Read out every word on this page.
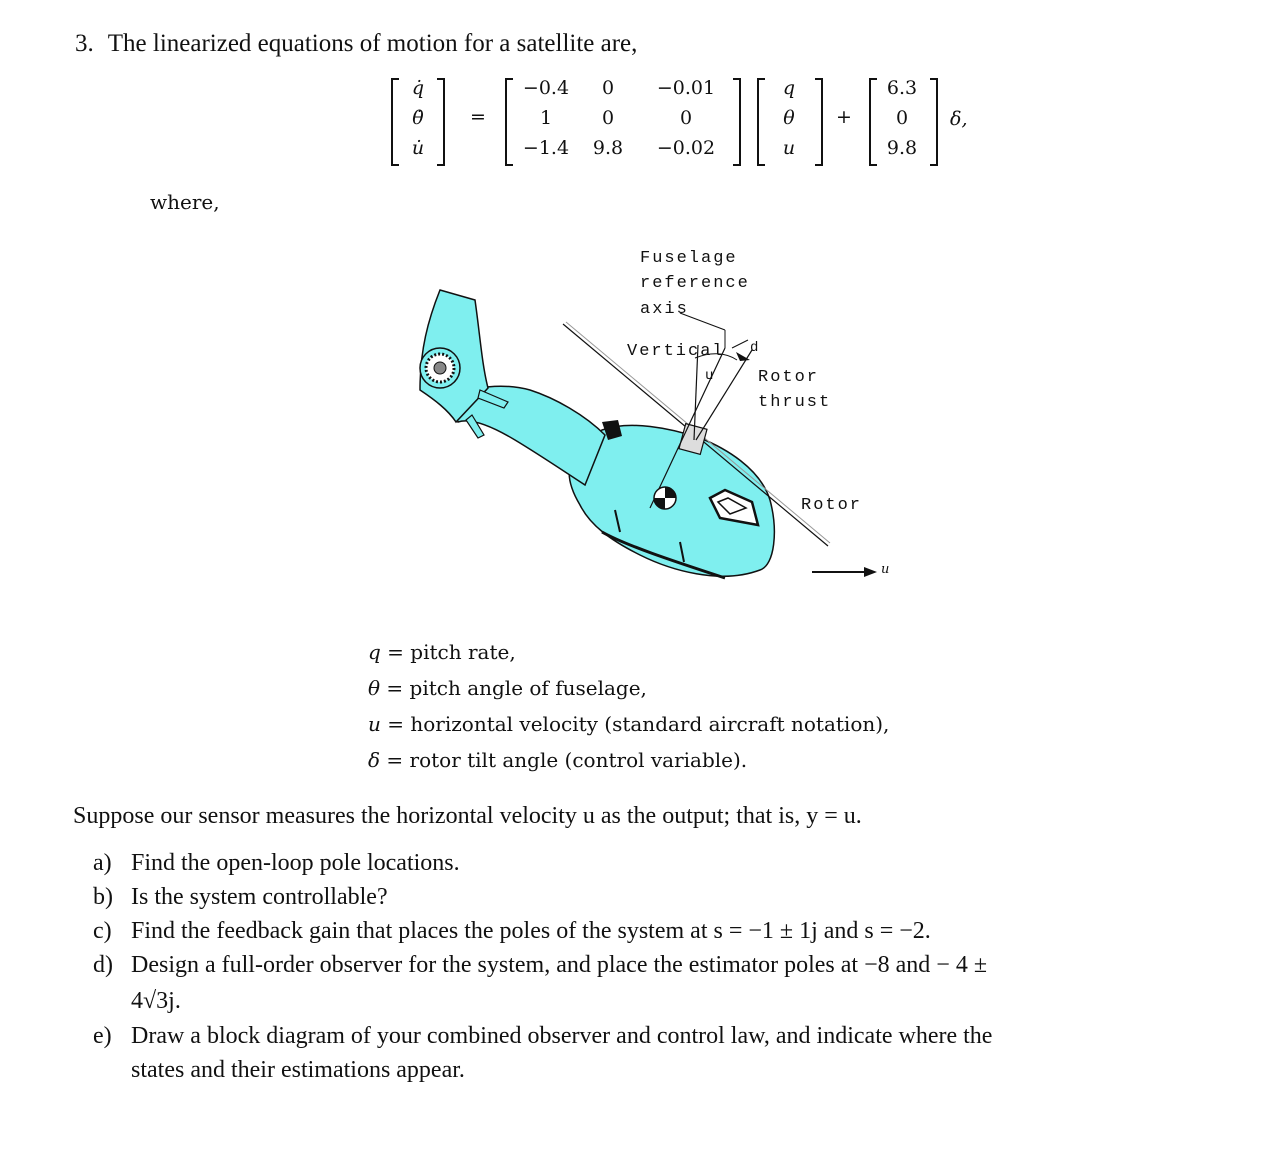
3. The linearized equations of motion for a satellite are,
q̇
θ̇
u̇
=
−0.4	0	−0.01
1	0	0
−1.4	9.8	−0.02
q
θ
u
+
6.3
0
9.8
δ,
where,
Fuselage
reference
axis
Vertical
u
d
Rotor
thrust
Rotor
u
q = pitch rate,
θ = pitch angle of fuselage,
u = horizontal velocity (standard aircraft notation),
δ = rotor tilt angle (control variable).
Suppose our sensor measures the horizontal velocity u as the output; that is, y = u.
a) Find the open-loop pole locations.
b) Is the system controllable?
c) Find the feedback gain that places the poles of the system at s = −1 ± 1j and s = −2.
d) Design a full-order observer for the system, and place the estimator poles at −8 and − 4 ±
4√3j.
e) Draw a block diagram of your combined observer and control law, and indicate where the
states and their estimations appear.
